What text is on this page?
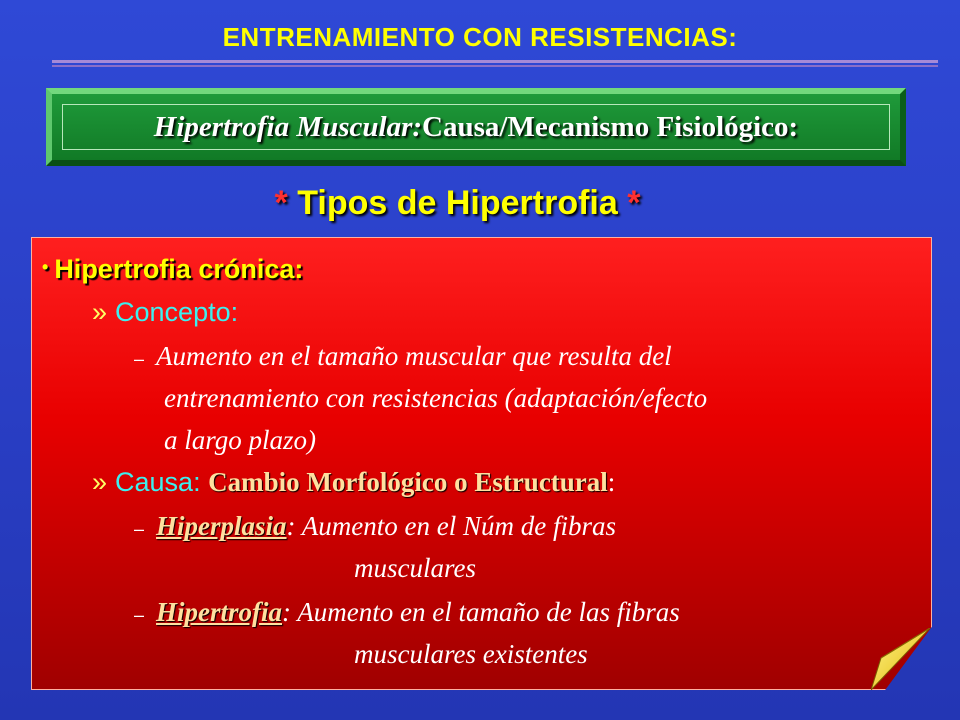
ENTRENAMIENTO CON RESISTENCIAS:
Hipertrofia Muscular: Causa/Mecanismo Fisiológico:
* Tipos de Hipertrofia *
• Hipertrofia crónica:
» Concepto:
– Aumento en el tamaño muscular que resulta del
entrenamiento con resistencias (adaptación/efecto
a largo plazo)
» Causa: Cambio Morfológico o Estructural:
– Hiperplasia: Aumento en el Núm de fibras
musculares
– Hipertrofia: Aumento en el tamaño de las fibras
musculares existentes
